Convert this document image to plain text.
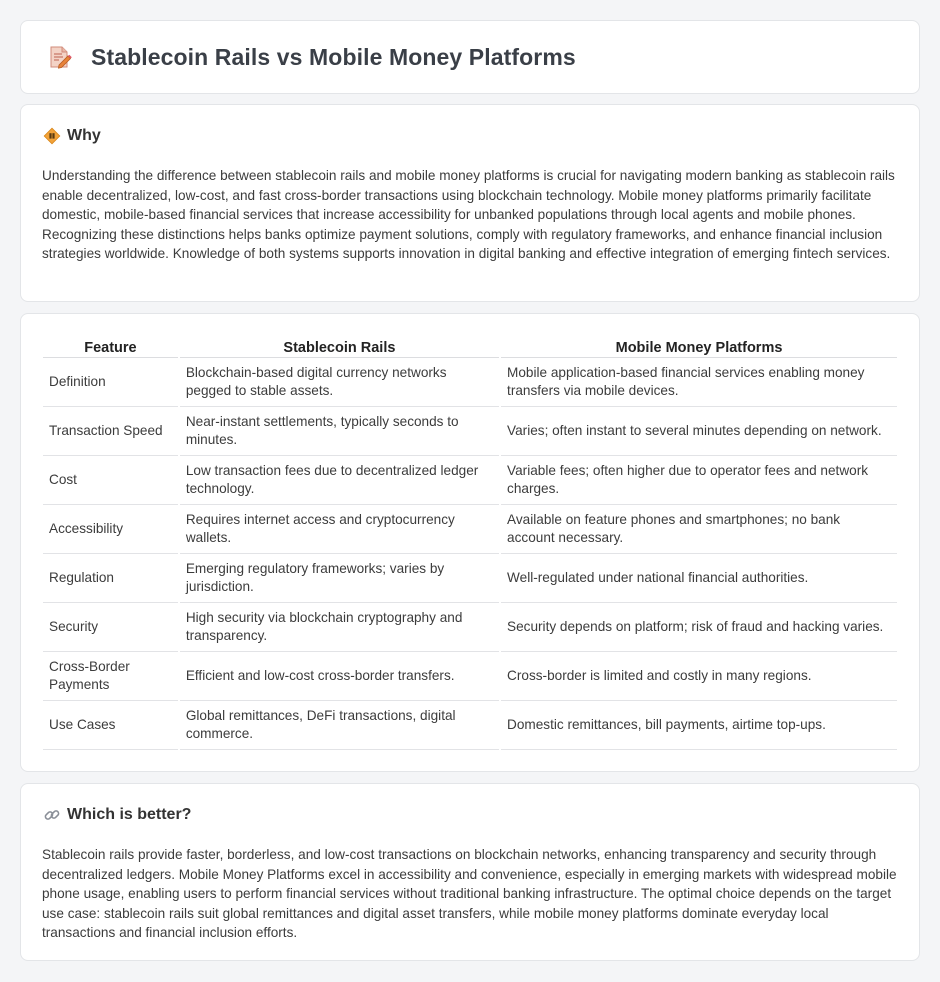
Stablecoin Rails vs Mobile Money Platforms
Why

Understanding the difference between stablecoin rails and mobile money platforms is crucial for navigating modern banking as stablecoin rails enable decentralized, low-cost, and fast cross-border transactions using blockchain technology. Mobile money platforms primarily facilitate domestic, mobile-based financial services that increase accessibility for unbanked populations through local agents and mobile phones. Recognizing these distinctions helps banks optimize payment solutions, comply with regulatory frameworks, and enhance financial inclusion strategies worldwide. Knowledge of both systems supports innovation in digital banking and effective integration of emerging fintech services.

Feature	Stablecoin Rails	Mobile Money Platforms
Definition	Blockchain-based digital currency networks pegged to stable assets.	Mobile application-based financial services enabling money transfers via mobile devices.
Transaction Speed	Near-instant settlements, typically seconds to minutes.	Varies; often instant to several minutes depending on network.
Cost	Low transaction fees due to decentralized ledger technology.	Variable fees; often higher due to operator fees and network charges.
Accessibility	Requires internet access and cryptocurrency wallets.	Available on feature phones and smartphones; no bank account necessary.
Regulation	Emerging regulatory frameworks; varies by jurisdiction.	Well-regulated under national financial authorities.
Security	High security via blockchain cryptography and transparency.	Security depends on platform; risk of fraud and hacking varies.
Cross-Border Payments	Efficient and low-cost cross-border transfers.	Cross-border is limited and costly in many regions.
Use Cases	Global remittances, DeFi transactions, digital commerce.	Domestic remittances, bill payments, airtime top-ups.
Which is better?

Stablecoin rails provide faster, borderless, and low-cost transactions on blockchain networks, enhancing transparency and security through decentralized ledgers. Mobile Money Platforms excel in accessibility and convenience, especially in emerging markets with widespread mobile phone usage, enabling users to perform financial services without traditional banking infrastructure. The optimal choice depends on the target use case: stablecoin rails suit global remittances and digital asset transfers, while mobile money platforms dominate everyday local transactions and financial inclusion efforts.
